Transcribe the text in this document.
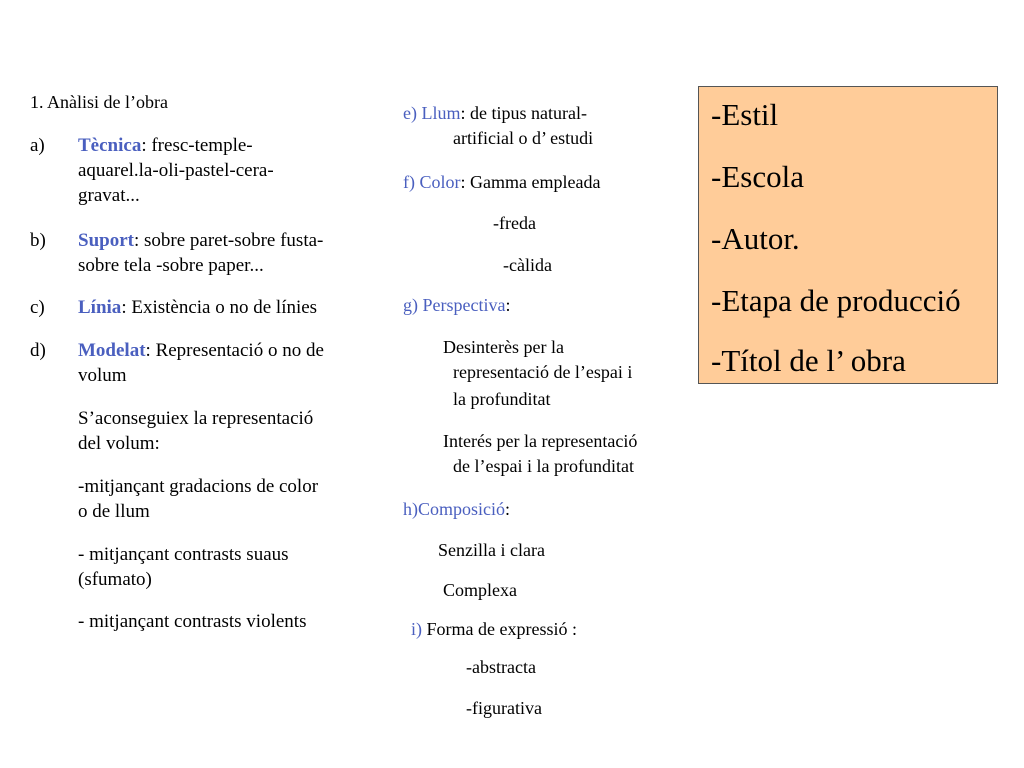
1. Anàlisi de l’obra
a) Tècnica: fresc-temple-
aquarel.la-oli-pastel-cera-
gravat...
b) Suport: sobre paret-sobre fusta-
sobre tela -sobre paper...
c) Línia: Existència o no de línies
d) Modelat: Representació o no de
volum
S’aconseguiex la representació
del volum:
-mitjançant gradacions de color
o de llum
- mitjançant contrasts suaus
(sfumato)
- mitjançant contrasts violents
e) Llum: de tipus natural-
artificial o d’ estudi
f) Color: Gamma empleada
-freda
-càlida
g) Perspectiva:
Desinterès per la
representació de l’espai i
la profunditat
Interés per la representació
de l’espai i la profunditat
h)Composició:
Senzilla i clara
Complexa
i) Forma de expressió :
-abstracta
-figurativa
-Estil
-Escola
-Autor.
-Etapa de producció
-Títol de l’ obra
